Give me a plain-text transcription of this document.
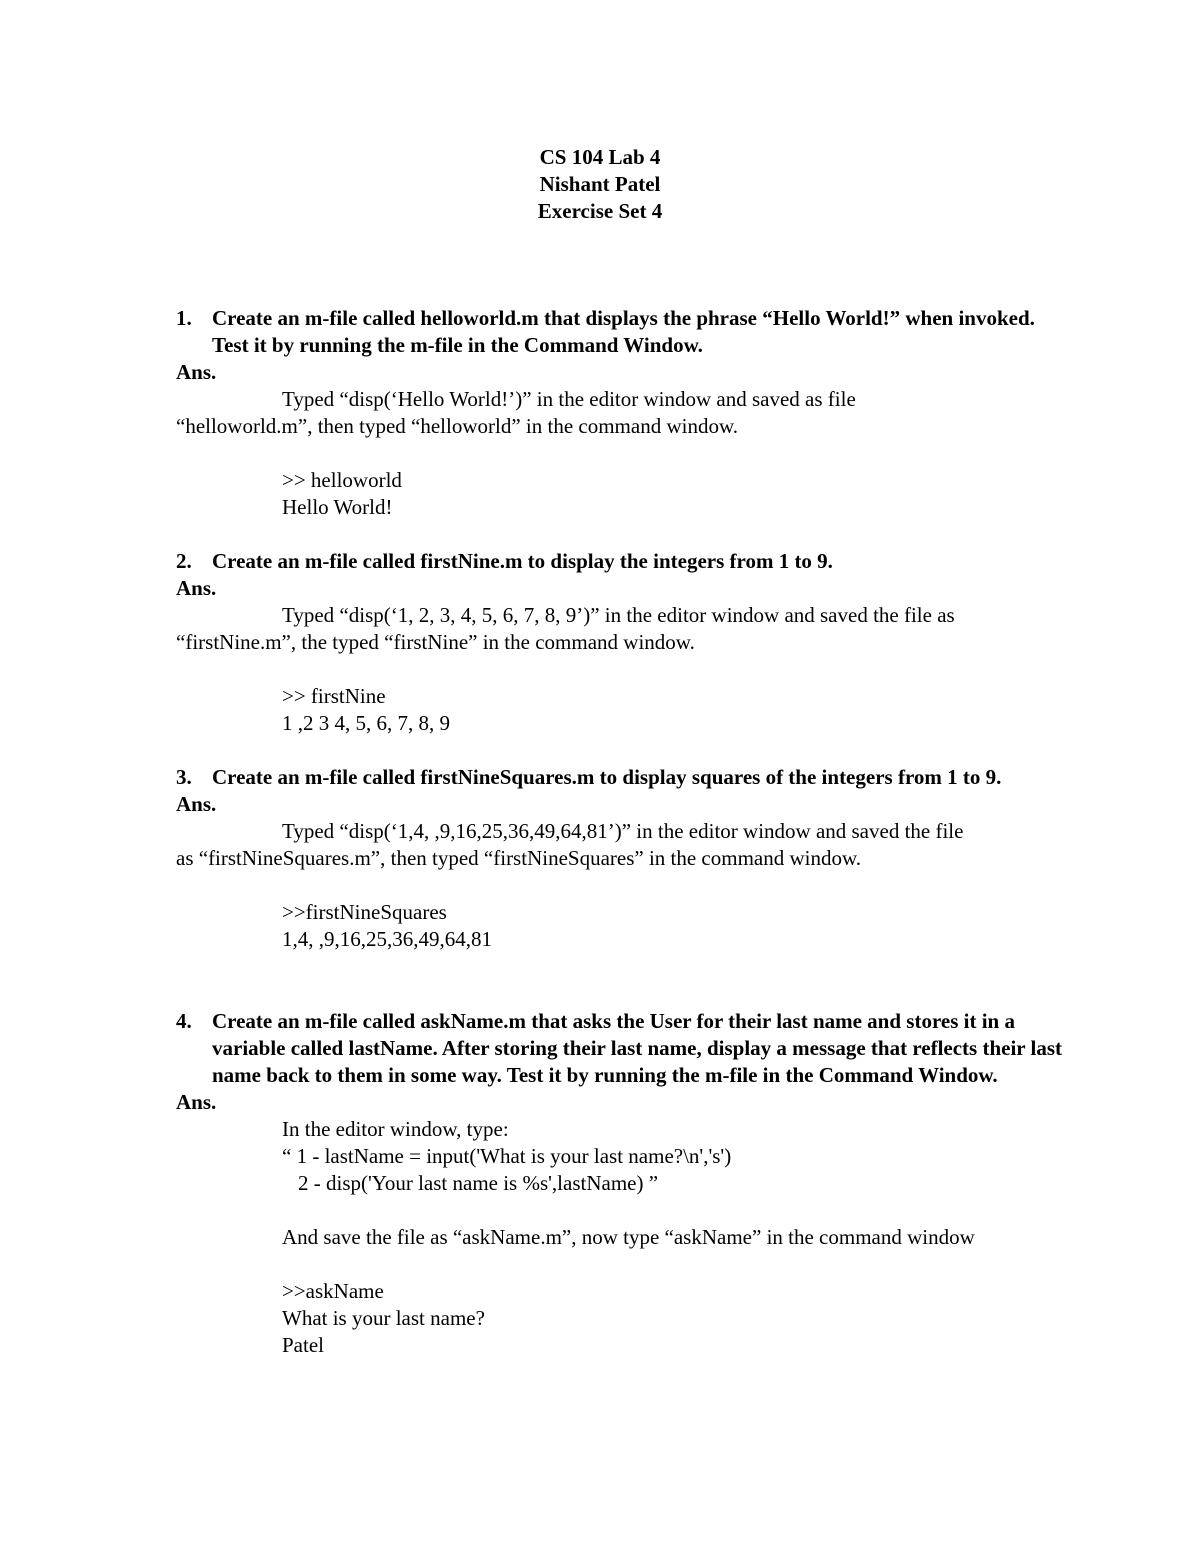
CS 104 Lab 4
Nishant Patel
Exercise Set 4
1. Create an m-file called helloworld.m that displays the phrase “Hello World!” when invoked. Test it by running the m-file in the Command Window.
Ans.
Typed “disp(‘Hello World!’)” in the editor window and saved as file
“helloworld.m”, then typed “helloworld” in the command window.
>> helloworld
Hello World!
2. Create an m-file called firstNine.m to display the integers from 1 to 9.
Ans.
Typed “disp(‘1, 2, 3, 4, 5, 6, 7, 8, 9’)” in the editor window and saved the file as
“firstNine.m”, the typed “firstNine” in the command window.
>> firstNine
1 ,2 3 4, 5, 6, 7, 8, 9
3. Create an m-file called firstNineSquares.m to display squares of the integers from 1 to 9.
Ans.
Typed “disp(‘1,4, ,9,16,25,36,49,64,81’)” in the editor window and saved the file
as “firstNineSquares.m”, then typed “firstNineSquares” in the command window.
>>firstNineSquares
1,4, ,9,16,25,36,49,64,81
4. Create an m-file called askName.m that asks the User for their last name and stores it in a variable called lastName. After storing their last name, display a message that reflects their last name back to them in some way. Test it by running the m-file in the Command Window.
Ans.
In the editor window, type:
“ 1 - lastName = input('What is your last name?\n','s')
2 - disp('Your last name is %s',lastName) ”
And save the file as “askName.m”, now type “askName” in the command window
>>askName
What is your last name?
Patel
